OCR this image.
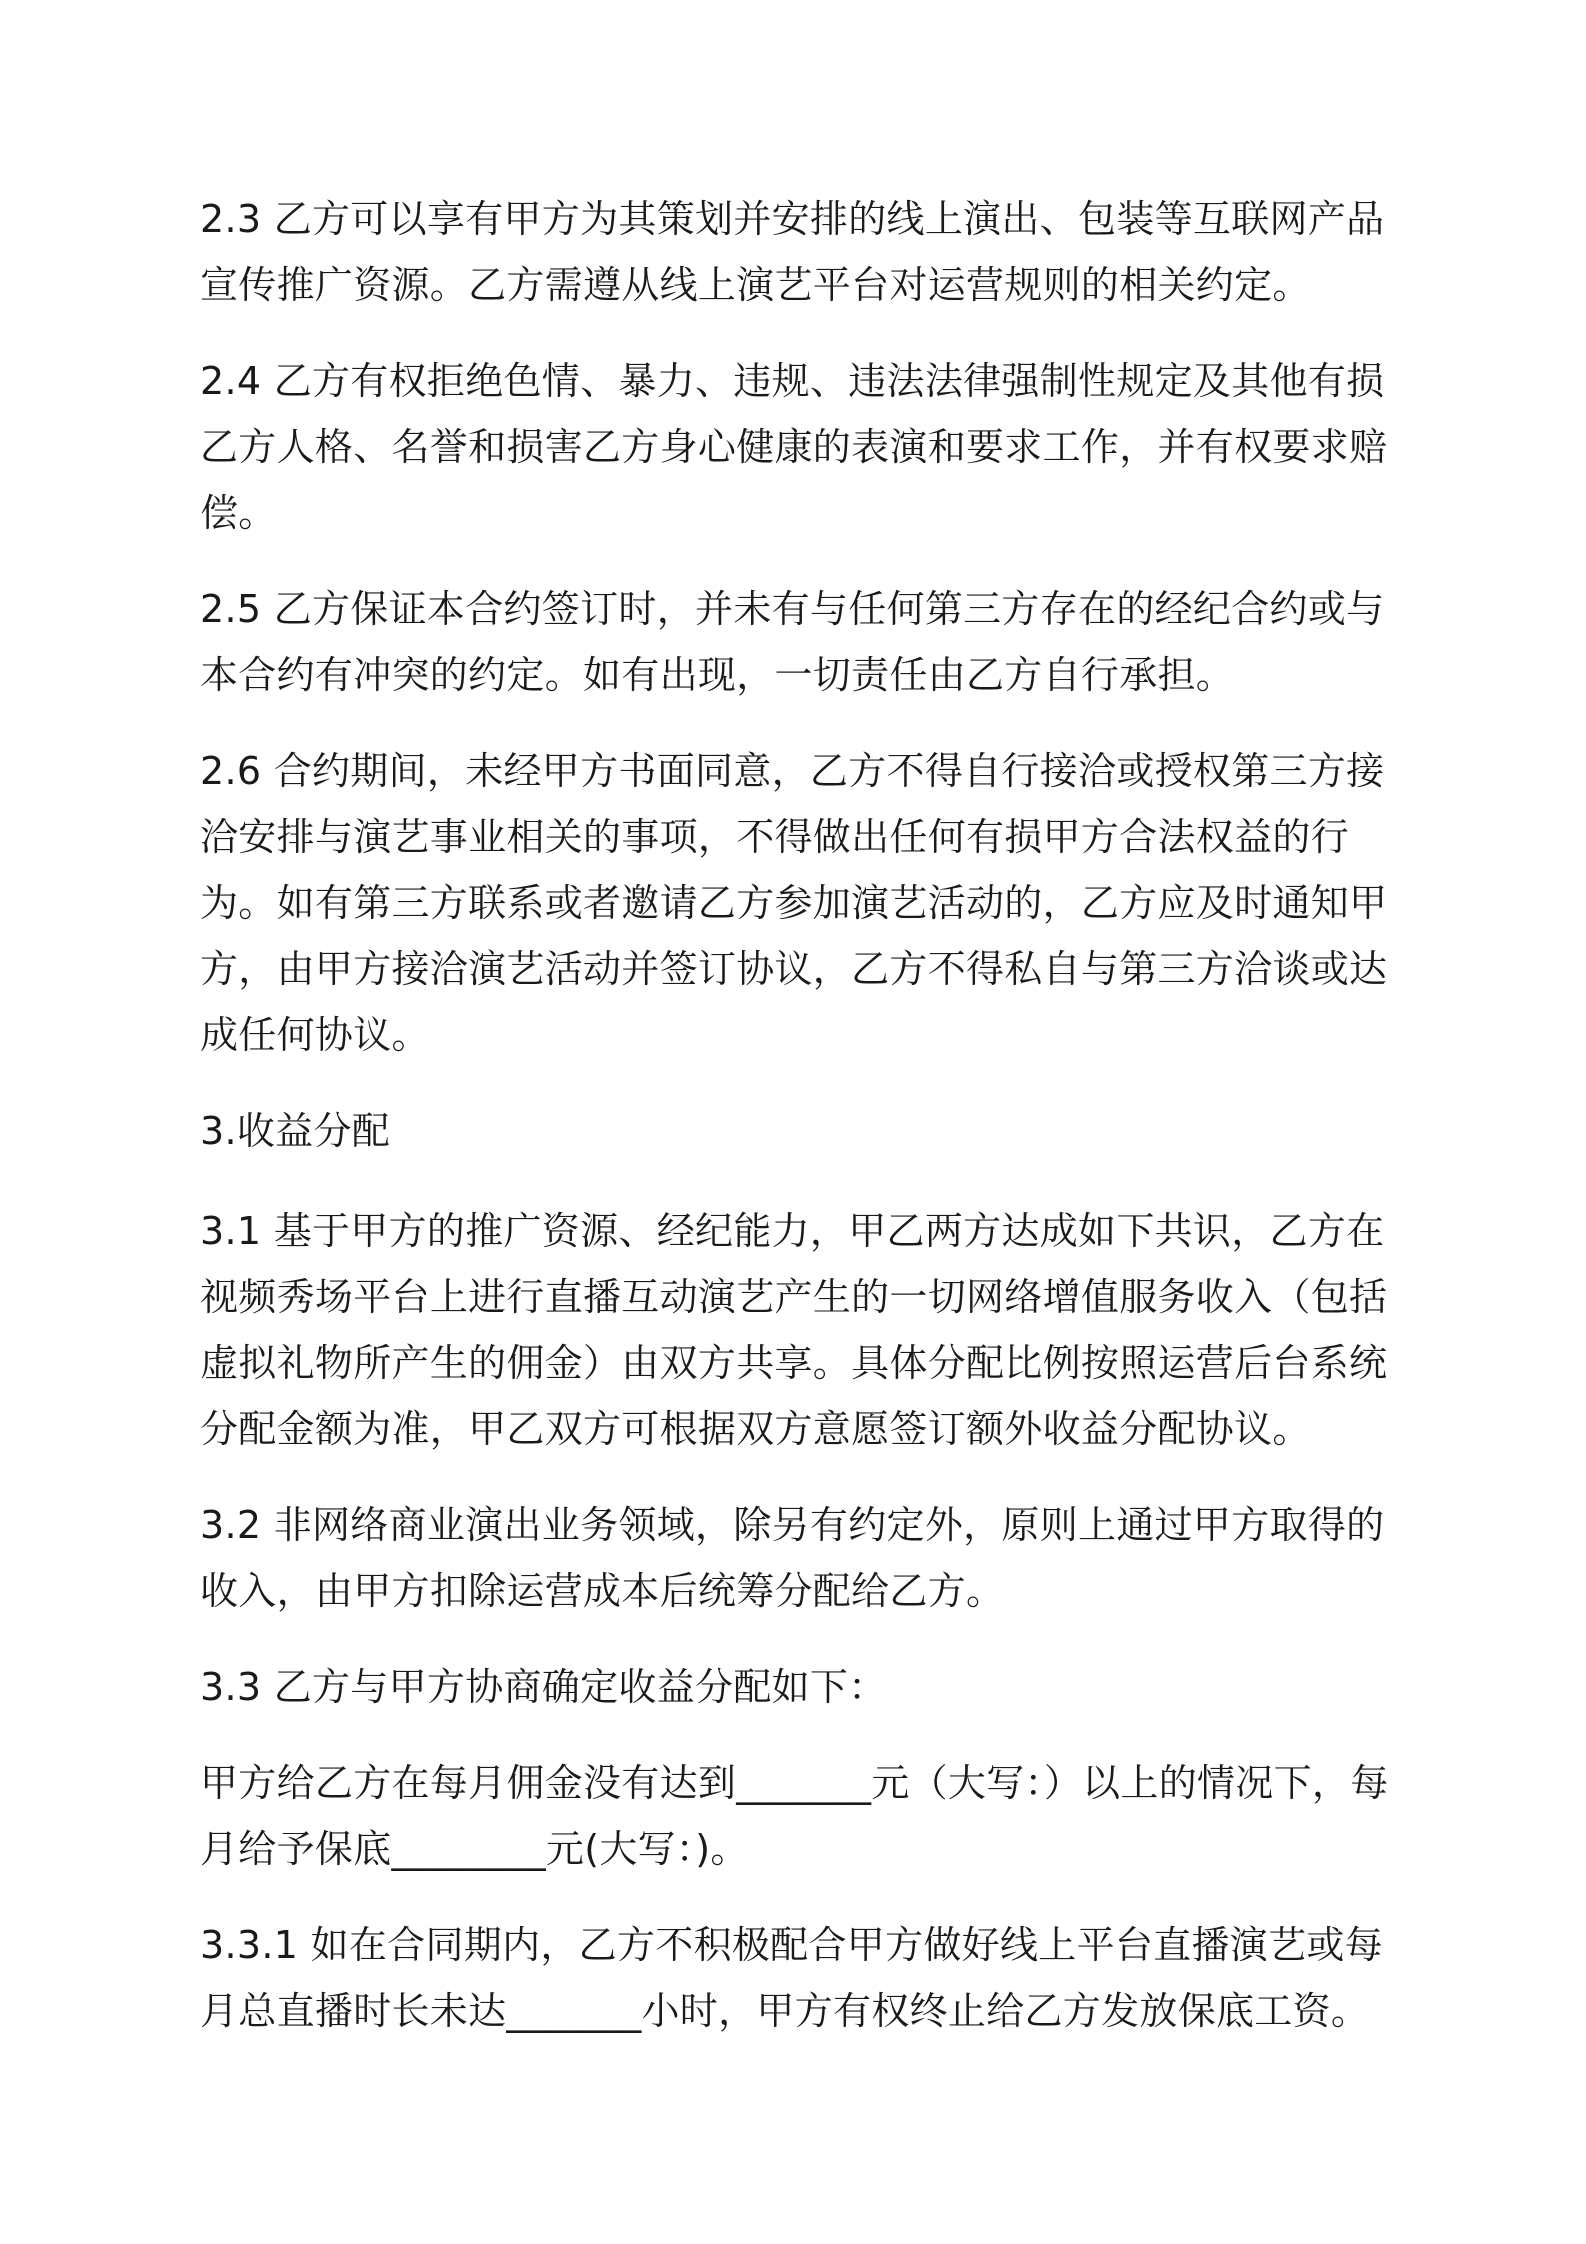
2.3 乙方可以享有甲方为其策划并安排的线上演出、包装等互联网产品宣传推广资源。乙方需遵从线上演艺平台对运营规则的相关约定。

2.4 乙方有权拒绝色情、暴力、违规、违法法律强制性规定及其他有损乙方人格、名誉和损害乙方身心健康的表演和要求工作，并有权要求赔偿。

2.5 乙方保证本合约签订时，并未有与任何第三方存在的经纪合约或与本合约有冲突的约定。如有出现，一切责任由乙方自行承担。

2.6 合约期间，未经甲方书面同意，乙方不得自行接洽或授权第三方接洽安排与演艺事业相关的事项，不得做出任何有损甲方合法权益的行为。如有第三方联系或者邀请乙方参加演艺活动的，乙方应及时通知甲方，由甲方接洽演艺活动并签订协议，乙方不得私自与第三方洽谈或达成任何协议。

3.收益分配

3.1 基于甲方的推广资源、经纪能力，甲乙两方达成如下共识，乙方在视频秀场平台上进行直播互动演艺产生的一切网络增值服务收入（包括虚拟礼物所产生的佣金）由双方共享。具体分配比例按照运营后台系统分配金额为准，甲乙双方可根据双方意愿签订额外收益分配协议。

3.2 非网络商业演出业务领域，除另有约定外，原则上通过甲方取得的收入，由甲方扣除运营成本后统筹分配给乙方。

3.3 乙方与甲方协商确定收益分配如下：

甲方给乙方在每月佣金没有达到_______元（大写：）以上的情况下，每月给予保底________元(大写：)。

3.3.1 如在合同期内，乙方不积极配合甲方做好线上平台直播演艺或每月总直播时长未达_______小时，甲方有权终止给乙方发放保底工资。
